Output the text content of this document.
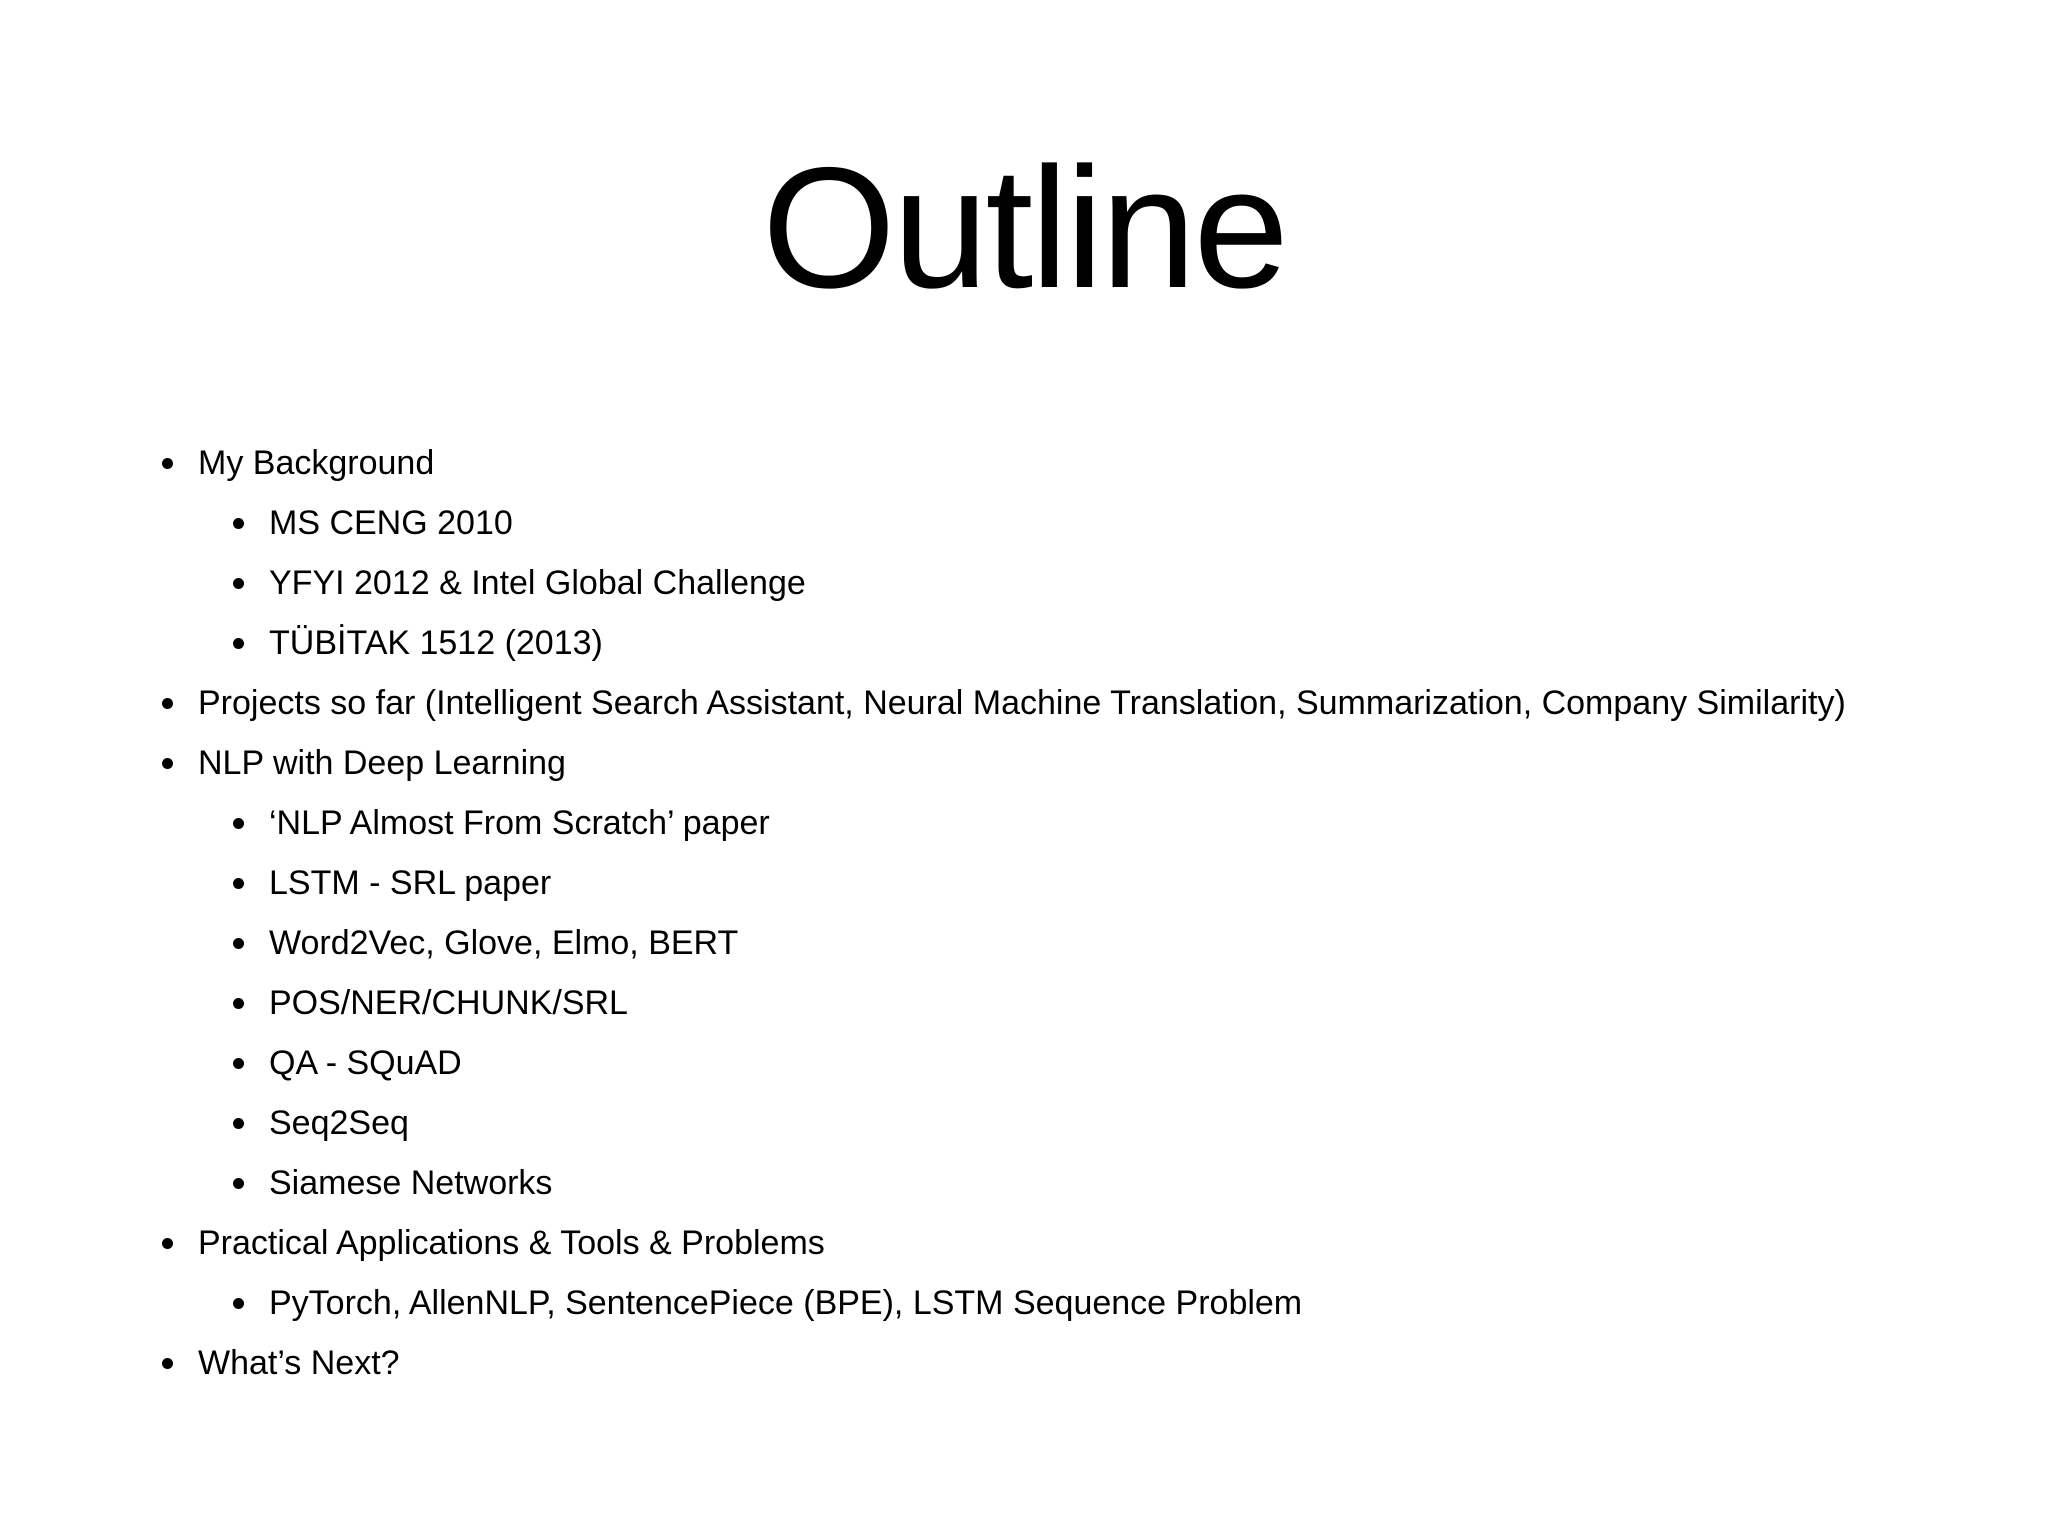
Outline
My Background
MS CENG 2010
YFYI 2012 & Intel Global Challenge
TÜBİTAK 1512 (2013)
Projects so far (Intelligent Search Assistant, Neural Machine Translation, Summarization, Company Similarity)
NLP with Deep Learning
‘NLP Almost From Scratch’ paper
LSTM - SRL paper
Word2Vec, Glove, Elmo, BERT
POS/NER/CHUNK/SRL
QA - SQuAD
Seq2Seq
Siamese Networks
Practical Applications & Tools & Problems
PyTorch, AllenNLP, SentencePiece (BPE), LSTM Sequence Problem
What’s Next?
